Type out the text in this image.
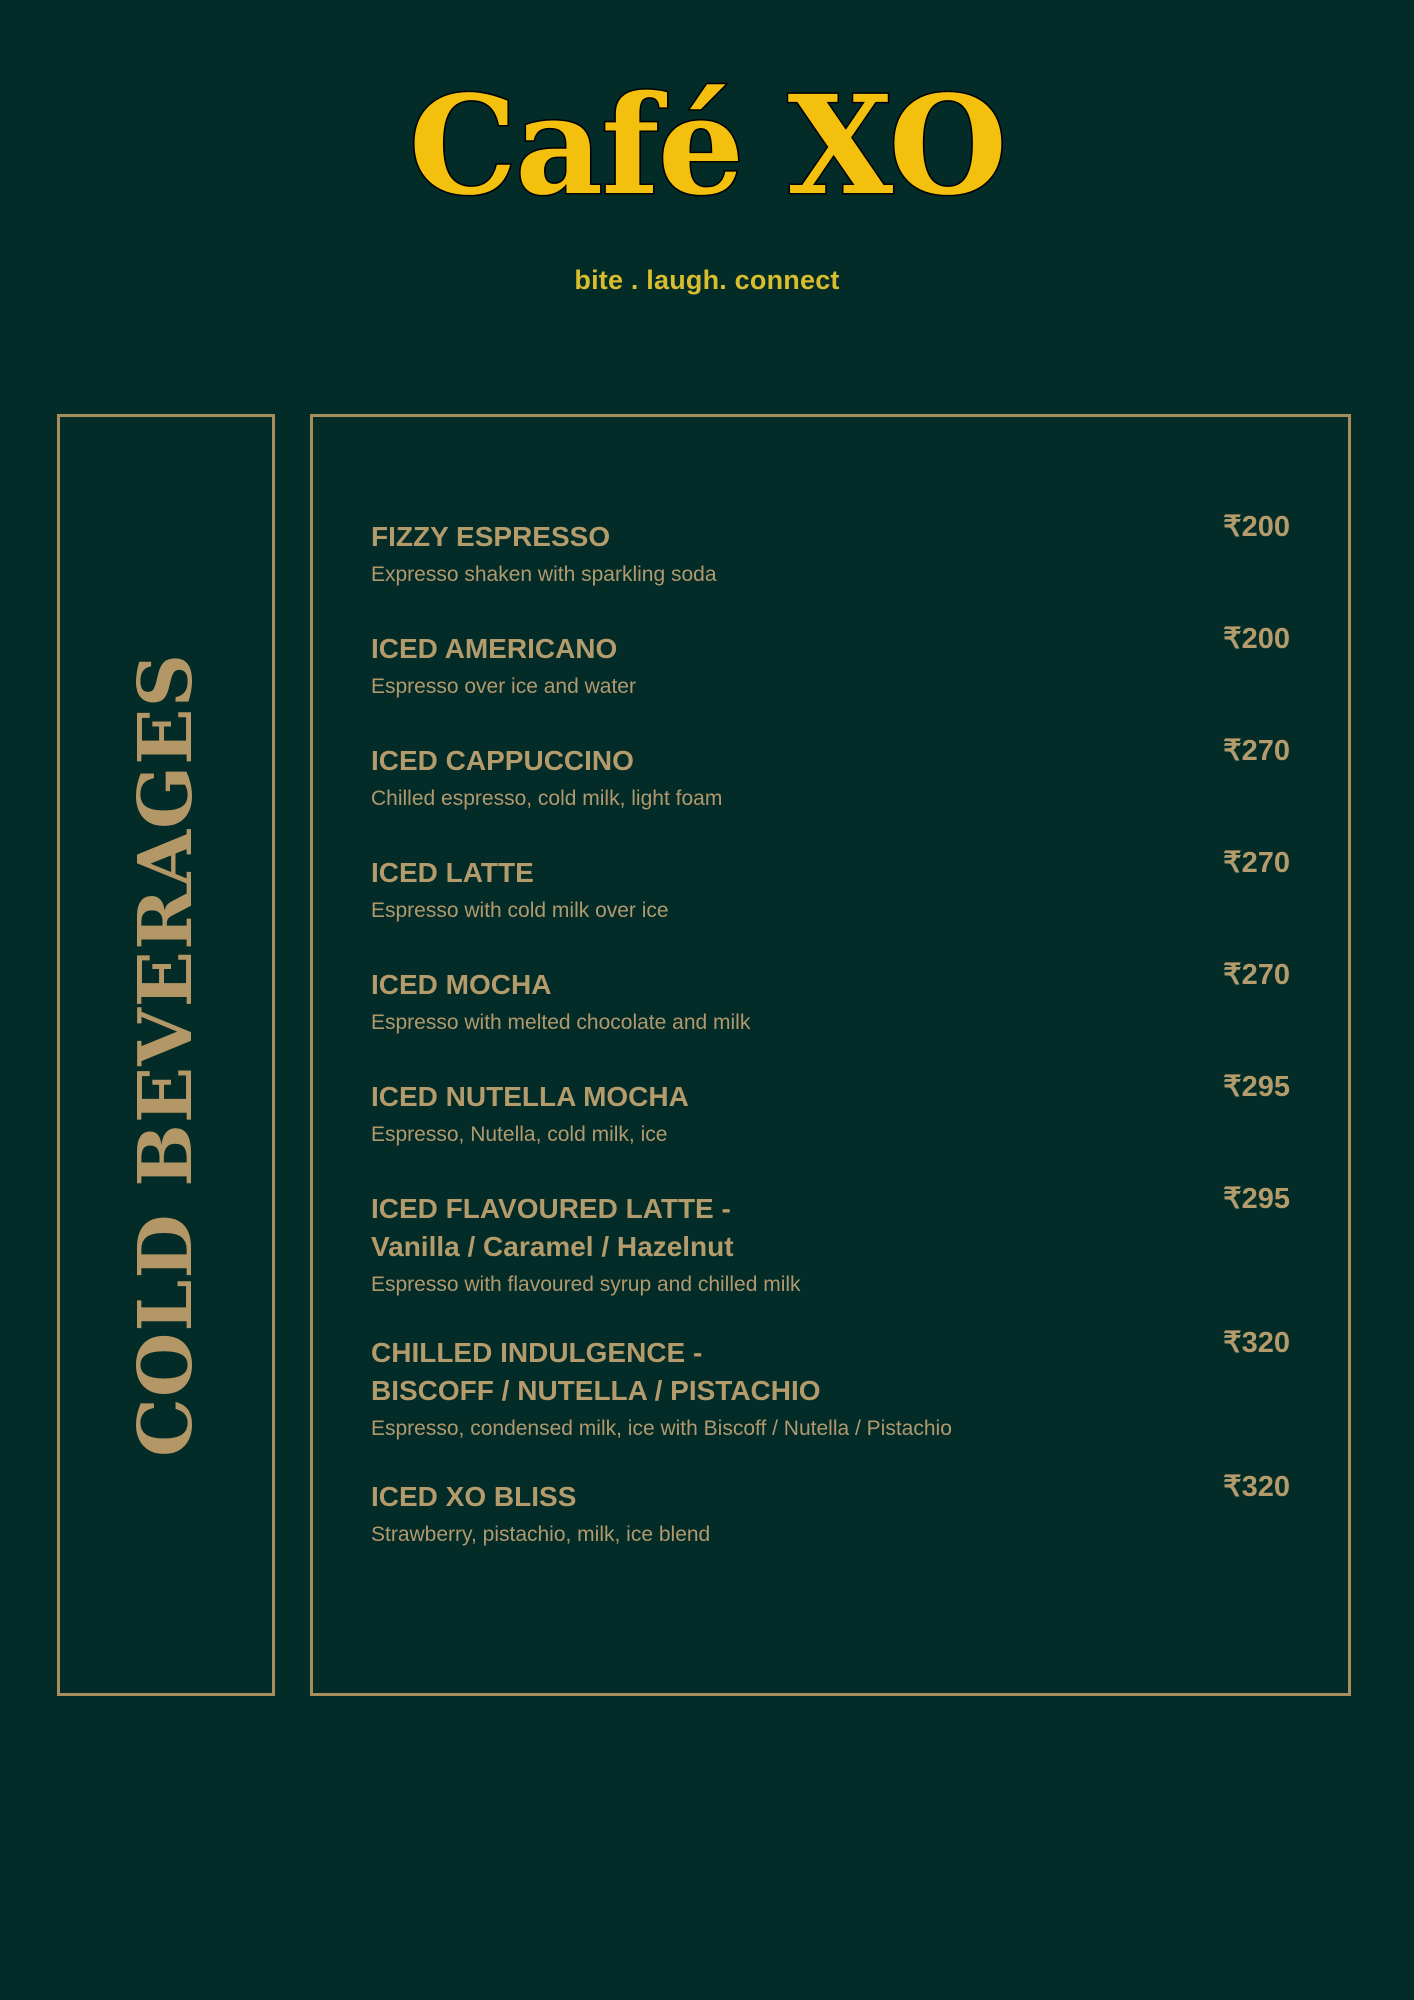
Café XO
bite . laugh. connect
COLD BEVERAGES
FIZZY ESPRESSO
Expresso shaken with sparkling soda
₹200
ICED AMERICANO
Espresso over ice and water
₹200
ICED CAPPUCCINO
Chilled espresso, cold milk, light foam
₹270
ICED LATTE
Espresso with cold milk over ice
₹270
ICED MOCHA
Espresso with melted chocolate and milk
₹270
ICED NUTELLA MOCHA
Espresso, Nutella, cold milk, ice
₹295
ICED FLAVOURED LATTE -
Vanilla / Caramel / Hazelnut
Espresso with flavoured syrup and chilled milk
₹295
CHILLED INDULGENCE -
BISCOFF / NUTELLA / PISTACHIO
Espresso, condensed milk, ice with Biscoff / Nutella / Pistachio
₹320
ICED XO BLISS
Strawberry, pistachio, milk, ice blend
₹320
